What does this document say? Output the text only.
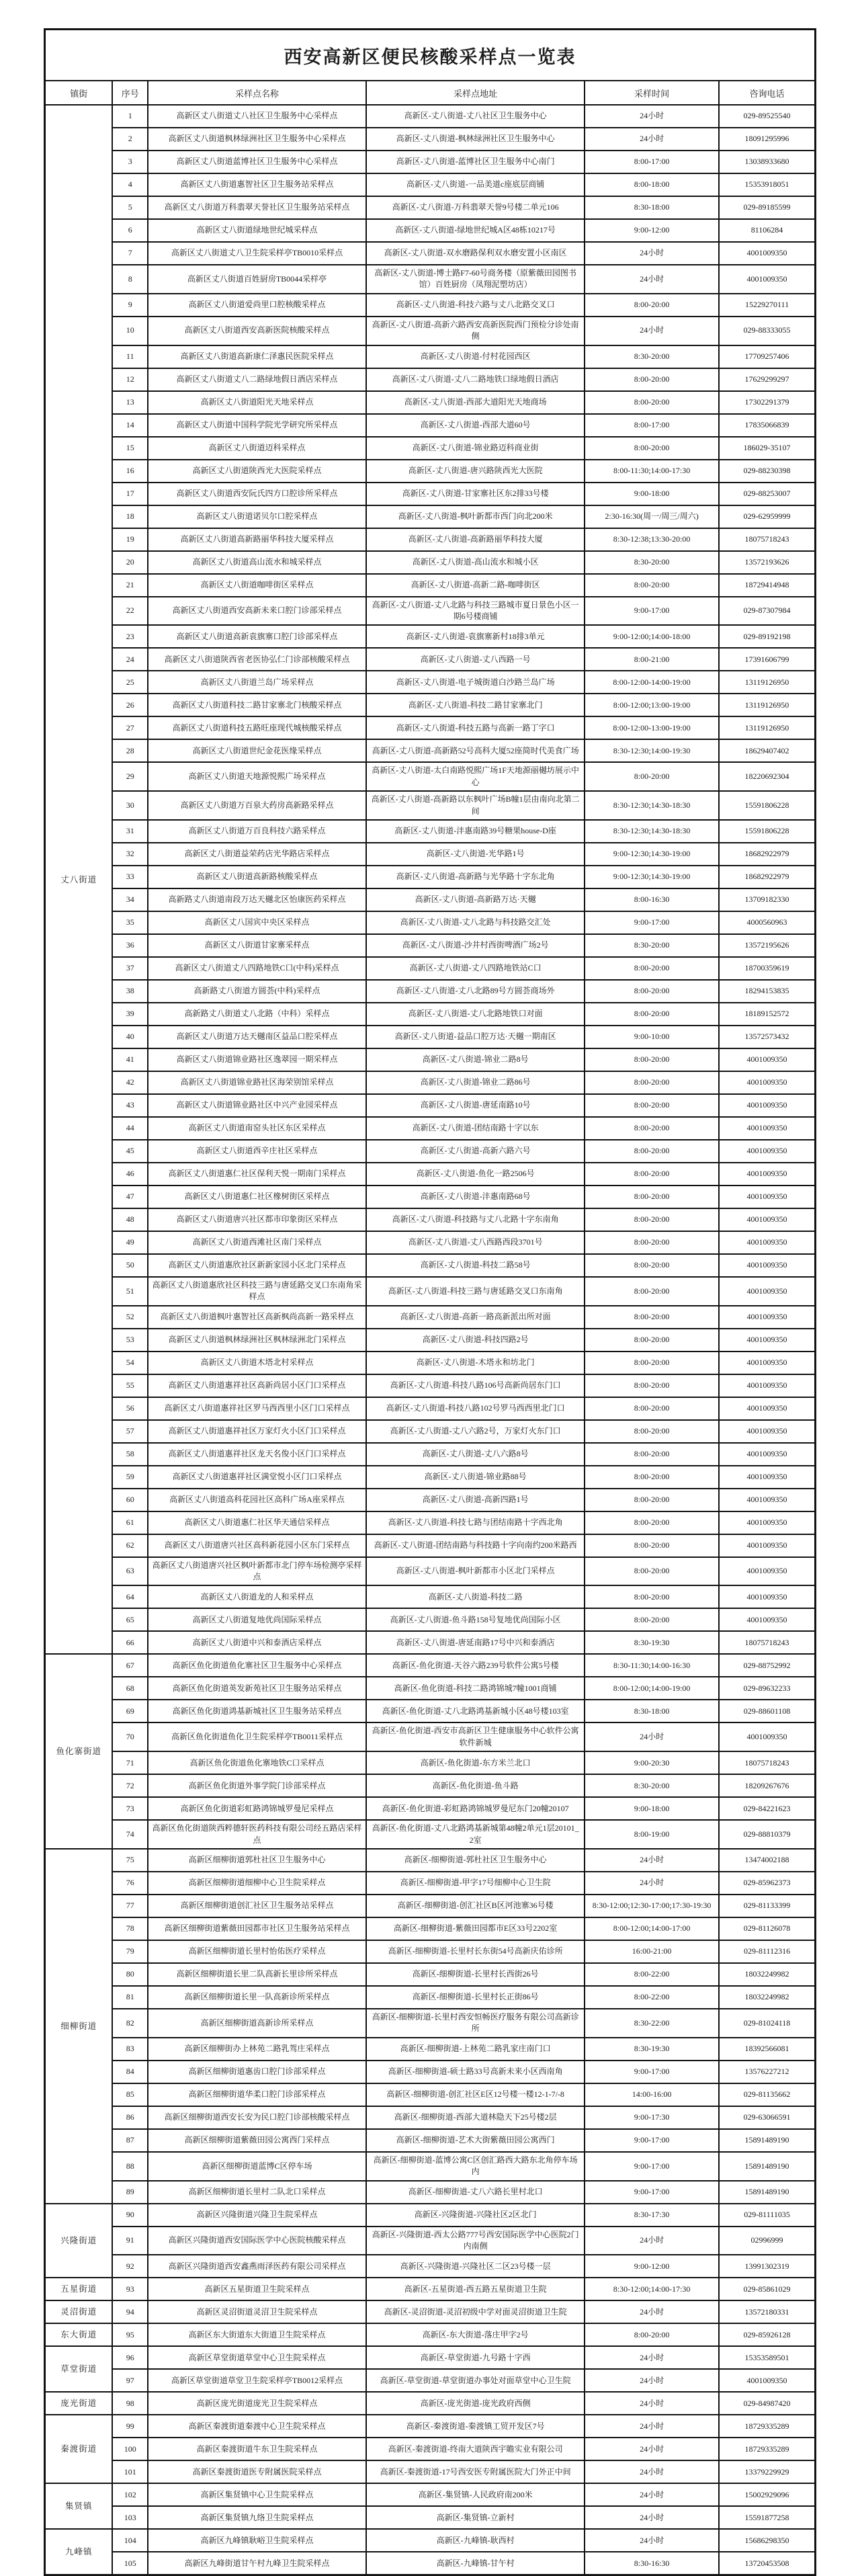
西安高新区便民核酸采样点一览表					
镇街	序号	采样点名称	采样点地址	采样时间	咨询电话
丈八街道	1	高新区丈八街道丈八社区卫生服务中心采样点	高新区-丈八街道-丈八社区卫生服务中心	24小时	029-89525540
	2	高新区丈八街道枫林绿洲社区卫生服务中心采样点	高新区-丈八街道-枫林绿洲社区卫生服务中心	24小时	18091295996
	3	高新区丈八街道蓝博社区卫生服务中心采样点	高新区-丈八街道-蓝博社区卫生服务中心南门	8:00-17:00	13038933680
	4	高新区丈八街道惠智社区卫生服务站采样点	高新区-丈八街道-一品美道c座底层商铺	8:00-18:00	15353918051
	5	高新区丈八街道万科翡翠天誉社区卫生服务站采样点	高新区-丈八街道-万科翡翠天誉9号楼二单元106	8:30-18:00	029-89185599
	6	高新区丈八街道绿地世纪城采样点	高新区-丈八街道-绿地世纪城A区48栋10217号	9:00-12:00	81106284
	7	高新区丈八街道丈八卫生院采样亭TB0010采样点	高新区-丈八街道-双水磨路保利双水磨安置小区南区	24小时	4001009350
	8	高新区丈八街道百姓厨房TB0044采样亭	高新区-丈八街道-博士路F7-60号商务楼（原紫薇田园图书馆）百姓厨房（凤翔泥塑坊店）	24小时	4001009350
	9	高新区丈八街道爱尚里口腔核酸采样点	高新区-丈八街道-科技六路与丈八北路交叉口	8:00-20:00	15229270111
	10	高新区丈八街道西安高新医院核酸采样点	高新区-丈八街道-高新六路西安高新医院西门预检分诊处南侧	24小时	029-88333055
	11	高新区丈八街道高新康仁泽惠民医院采样点	高新区-丈八街道-付村花园西区	8:30-20:00	17709257406
	12	高新区丈八街道丈八二路绿地假日酒店采样点	高新区-丈八街道-丈八二路地铁口绿地假日酒店	8:00-20:00	17629299297
	13	高新区丈八街道阳光天地采样点	高新区-丈八街道-西部大道阳光天地商场	8:00-20:00	17302291379
	14	高新区丈八街道中国科学院光学研究所采样点	高新区-丈八街道-西部大道60号	8:00-17:00	17835066839
	15	高新区丈八街道迈科采样点	高新区-丈八街道-锦业路迈科商业街	8:00-20:00	186029-35107
	16	高新区丈八街道陕西光大医院采样点	高新区-丈八街道-唐兴路陕西光大医院	8:00-11:30;14:00-17:30	029-88230398
	17	高新区丈八街道西安阮氏四方口腔诊所采样点	高新区-丈八街道-甘家寨社区东2排33号楼	9:00-18:00	029-88253007
	18	高新区丈八街道诺贝尔口腔采样点	高新区-丈八街道-枫叶新都市西门向北200米	2:30-16:30(周一/周三/周六)	029-62959999
	19	高新区丈八街道高新路丽华科技大厦采样点	高新区-丈八街道-高新路丽华科技大厦	8:30-12:38;13:30-20:00	18075718243
	20	高新区丈八街道高山流水和城采样点	高新区-丈八街道-高山流水和城小区	8:30-20:00	13572193626
	21	高新区丈八街道咖啡街区采样点	高新区-丈八街道-高新二路-咖啡街区	8:00-20:00	18729414948
	22	高新区丈八街道西安高新未来口腔门诊部采样点	高新区-丈八街道-丈八北路与科技三路城市夏日景色小区一期6号楼商铺	9:00-17:00	029-87307984
	23	高新区丈八街道高新袁旗寨口腔门诊部采样点	高新区-丈八街道-袁旗寨新村18排3单元	9:00-12:00;14:00-18:00	029-89192198
	24	高新区丈八街道陕西省老医协弘仁门诊部核酸采样点	高新区-丈八街道-丈八西路一号	8:00-21:00	17391606799
	25	高新区丈八街道兰岛广场采样点	高新区-丈八街道-电子城街道白沙路兰岛广场	8:00-12:00-14:00-19:00	13119126950
	26	高新区丈八街道科技二路甘家寨北门核酸采样点	高新区-丈八街道-科技二路甘家寨北门	8:00-12:00;13:00-19:00	13119126950
	27	高新区丈八街道科技五路旺座现代城核酸采样点	高新区-丈八街道-科技五路与高新一路丁字口	8:00-12:00-13:00-19:00	13119126950
	28	高新区丈八街道世纪金花医缘采样点	高新区-丈八街道-高新路52号高科大厦52座简时代美食广场	8:30-12:30;14:00-19:30	18629407402
	29	高新区丈八街道天地源悦熙广场采样点	高新区-丈八街道-太白南路悦熙广场1F天地源丽樾坊展示中心	8:00-20:00	18220692304
	30	高新区丈八街道万百泉大药房高新路采样点	高新区-丈八街道-高新路以东枫叶广场B幢1层由南向北第二间	8:30-12:30;14:30-18:30	15591806228
	31	高新区丈八街道万百良科技六路采样点	高新区-丈八街道-沣惠南路39号糖果house-D座	8:30-12:30;14:30-18:30	15591806228
	32	高新区丈八街道益荣药店光华路店采样点	高新区-丈八街道-光华路1号	9:00-12:30;14:30-19:00	18682922979
	33	高新区丈八街道高新路核酸采样点	高新区-丈八街道-高新路与光华路十字东北角	9:00-12:30;14:30-19:00	18682922979
	34	高新路丈八街道南段万达天樾北区怡康医药采样点	高新区-丈八街道-高新路万达·天樾	8:00-16:30	13709182330
	35	高新区丈八国宾中央区采样点	高新区-丈八街道-丈八北路与科技路交汇处	9:00-17:00	4000560963
	36	高新区丈八街道甘家寨采样点	高新区-丈八街道-沙井村西街啤酒广场2号	8:30-20:00	13572195626
	37	高新区丈八街道丈八四路地铁C口(中科)采样点	高新区-丈八街道-丈八四路地铁站C口	8:00-20:00	18700359619
	38	高新路丈八街道方圆荟(中科)采样点	高新区-丈八街道-丈八北路89号方圆荟商场外	8:00-20:00	18294153835
	39	高新路丈八街道丈八北路（中科）采样点	高新区-丈八街道-丈八北路地铁口对面	8:00-20:00	18189152572
	40	高新区丈八街道万达天樾南区益品口腔采样点	高新区-丈八街道-益品口腔万达·天樾一期南区	9:00-10:00	13572573432
	41	高新区丈八街道锦业路社区逸翠园一期采样点	高新区-丈八街道-锦业二路8号	8:00-20:00	4001009350
	42	高新区丈八街道锦业路社区海荣别馆采样点	高新区-丈八街道-锦业二路86号	8:00-20:00	4001009350
	43	高新区丈八街道锦业路社区中兴产业园采样点	高新区-丈八街道-唐延南路10号	8:00-20:00	4001009350
	44	高新区丈八街道南窑头社区东区采样点	高新区-丈八街道-团结南路十字以东	8:00-20:00	4001009350
	45	高新区丈八街道西辛庄社区采样点	高新区-丈八街道-高新六路六号	8:00-20:00	4001009350
	46	高新区丈八街道惠仁社区保利天悦一期南门采样点	高新区-丈八街道-鱼化一路2506号	8:00-20:00	4001009350
	47	高新区丈八街道惠仁社区橡树街区采样点	高新区-丈八街道-沣惠南路68号	8:00-20:00	4001009350
	48	高新区丈八街道唐兴社区都市印象街区采样点	高新区-丈八街道-科技路与丈八北路十字东南角	8:00-20:00	4001009350
	49	高新区丈八街道西滩社区南门采样点	高新区-丈八街道-丈八西路西段3701号	8:00-20:00	4001009350
	50	高新区丈八街道惠欣社区新新家园小区北门采样点	高新区-丈八街道-科技二路58号	8:00-20:00	4001009350
	51	高新区丈八街道惠欣社区科技三路与唐延路交叉口东南角采样点	高新区-丈八街道-科技三路与唐延路交叉口东南角	8:00-20:00	4001009350
	52	高新区丈八街道枫叶惠智社区高新枫尚高新一路采样点	高新区-丈八街道-高新一路高新派出所对面	8:00-20:00	4001009350
	53	高新区丈八街道枫林绿洲社区枫林绿洲北门采样点	高新区-丈八街道-科技四路2号	8:00-20:00	4001009350
	54	高新区丈八街道木塔北村采样点	高新区-丈八街道-木塔永和坊北门	8:00-20:00	4001009350
	55	高新区丈八街道惠祥社区高新尚居小区门口采样点	高新区-丈八街道-科技八路106号高新尚居东门口	8:00-20:00	4001009350
	56	高新区丈八街道惠祥社区罗马西西里小区门口采样点	高新区-丈八街道-科技八路102号罗马西西里北门口	8:00-20:00	4001009350
	57	高新区丈八街道惠祥社区万家灯火小区门口采样点	高新区-丈八街道-丈八六路2号，万家灯火东门口	8:00-20:00	4001009350
	58	高新区丈八街道惠祥社区龙天名俊小区门口采样点	高新区-丈八街道-丈八六路8号	8:00-20:00	4001009350
	59	高新区丈八街道惠祥社区满堂悦小区门口采样点	高新区-丈八街道-锦业路88号	8:00-20:00	4001009350
	60	高新区丈八街道高科花园社区高科广场A座采样点	高新区-丈八街道-高新四路1号	8:00-20:00	4001009350
	61	高新区丈八街道惠仁社区华天通信采样点	高新区-丈八街道-科技七路与团结南路十字西北角	8:00-20:00	4001009350
	62	高新区丈八街道唐兴社区高科新花园小区东门采样点	高新区-丈八街道-团结南路与科技路十字向南约200米路西	8:00-20:00	4001009350
	63	高新区丈八街道唐兴社区枫叶新都市北门停车场检测亭采样点	高新区-丈八街道-枫叶新都市小区北门采样点	8:00-20:00	4001009350
	64	高新区丈八街道龙的人和采样点	高新区-丈八街道-科技二路	8:00-20:00	4001009350
	65	高新区丈八街道复地优尚国际采样点	高新区-丈八街道-鱼斗路158号复地优尚国际小区	8:00-20:00	4001009350
	66	高新区丈八街道中兴和泰酒店采样点	高新区-丈八街道-唐延南路17号中兴和泰酒店	8:30-19:30	18075718243
鱼化寨街道	67	高新区鱼化街道鱼化寨社区卫生服务中心采样点	高新区-鱼化街道-天谷六路239号软件公寓5号楼	8:30-11:30;14:00-16:30	029-88752992
	68	高新区鱼化街道英发新苑社区卫生服务站采样点	高新区-鱼化街道-科技二路鸿锦城7幢1001商铺	8:00-12:00;14:00-19:00	029-89632233
	69	高新区鱼化街道鸿基新城社区卫生服务站采样点	高新区-鱼化街道-丈八北路鸿基新城小区48号楼103室	8:30-18:00	029-88601108
	70	高新区鱼化街道鱼化卫生院采样亭TB0011采样点	高新区-鱼化街道-西安市高新区卫生健康服务中心软件公寓软件新城	24小时	4001009350
	71	高新区鱼化街道鱼化寨地铁C口采样点	高新区-鱼化街道-东方米兰北口	9:00-20:30	18075718243
	72	高新区鱼化街道外事学院门诊部采样点	高新区-鱼化街道-鱼斗路	8:30-20:00	18209267676
	73	高新区鱼化街道彩虹路鸿锦城罗曼尼采样点	高新区-鱼化街道-彩虹路鸿锦城罗曼尼东门20幢20107	9:00-18:00	029-84221623
	74	高新区鱼化街道陕西粹德轩医药科技有限公司经五路店采样点	高新区-鱼化街道-丈八北路鸿基新城第48幢2单元1层20101_2室	8:00-19:00	029-88810379
细柳街道	75	高新区细柳街道郭杜社区卫生服务中心	高新区-细柳街道-郭杜社区卫生服务中心	24小时	13474002188
	76	高新区细柳街道细柳中心卫生院采样点	高新区-细柳街道-甲字17号细柳中心卫生院	24小时	029-85962373
	77	高新区细柳街道创汇社区卫生服务站采样点	高新区-细柳街道-创汇社区B区河池寨36号楼	8:30-12:00;12:30-17:00;17:30-19:30	029-81133399
	78	高新区细柳街道紫薇田园都市社区卫生服务站采样点	高新区-细柳街道-紫薇田园都市E区33号2202室	8:00-12:00;14:00-17:00	029-81126078
	79	高新区细柳街道长里村怡佑医疗采样点	高新区-细柳街道-长里村长东街54号高新庆佑诊所	16:00-21:00	029-81112316
	80	高新区细柳街道长里二队高新长里诊所采样点	高新区-细柳街道-长里村长西街26号	8:00-22:00	18032249982
	81	高新区细柳街道长里一队高新诊所采样点	高新区-细柳街道-长里村长正街86号	8:00-22:00	18032249982
	82	高新区细柳街道高新诊所采样点	高新区-细柳街道-长里村西安恒畅医疗服务有限公司高新诊所	8:30-22:00	029-81024118
	83	高新区细柳街办上林苑二路乳驾庄采样点	高新区-细柳街道-上林苑二路乳家庄南门口	8:30-19:30	18392566081
	84	高新区细柳街道惠齿口腔门诊部采样点	高新区-细柳街道-硕士路33号高新未来小区西南角	9:00-17:00	13576227212
	85	高新区细柳街道华柔口腔门诊部采样点	高新区-细柳街道-创汇社区E区12号楼一楼12-1-7/-8	14:00-16:00	029-81135662
	86	高新区细柳街道西安长安为民口腔门诊部核酸采样点	高新区-细柳街道-西部大道林隐天下25号楼2层	9:00-17:30	029-63066591
	87	高新区细柳街道紫薇田园公寓西门采样点	高新区-细柳街道-艺术大街紫薇田园公寓西门	9:00-17:00	15891489190
	88	高新区细柳街道蓝博C区停车场	高新区-细柳街道-蓝博公寓C区创汇路西大路东北角停车场内	9:00-17:00	15891489190
	89	高新区细柳街道长里村二队北口采样点	高新区-细柳街道-丈八六路长里村北口	9:00-17:00	15891489190
兴隆街道	90	高新区兴隆街道兴隆卫生院采样点	高新区-兴隆街道-兴隆社区2区北门	8:30-17:30	029-81111035
	91	高新区兴隆街道西安国际医学中心医院核酸采样点	高新区-兴隆街道-西太公路777号西安国际医学中心医院2门内南侧	24小时	02996999
	92	高新区兴隆街道西安鑫燕雨泽医药有限公司采样点	高新区-兴隆街道-兴隆社区二区23号楼一层	9:00-12:00	13991302319
五星街道	93	高新区五星街道卫生院采样点	高新区-五星街道-西五路五星街道卫生院	8:30-12:00;14:00-17:30	029-85861029
灵沼街道	94	高新区灵沼街道灵沼卫生院采样点	高新区-灵沼街道-灵沼初级中学对面灵沼街道卫生院	24小时	13572180331
东大街道	95	高新区东大街道东大街道卫生院采样点	高新区-东大街道-落庄甲字2号	8:00-20:00	029-85926128
草堂街道	96	高新区草堂街道草堂中心卫生院采样点	高新区-草堂街道-九号路十字西	24小时	15353589501
	97	高新区草堂街道草堂卫生院采样亭TB0012采样点	高新区-草堂街道-草堂街道办事处对面草堂中心卫生院	24小时	4001009350
庞光街道	98	高新区庞光街道庞光卫生院采样点	高新区-庞光街道-庞光政府西侧	24小时	029-84987420
秦渡街道	99	高新区秦渡街道秦渡中心卫生院采样点	高新区-秦渡街道-秦渡镇工贸开发区7号	24小时	18729335289
	100	高新区秦渡街道牛东卫生院采样点	高新区-秦渡街道-终南大道陕西宇瞻实业有限公司	24小时	18729335289
	101	高新区秦渡街道医专附属医院采样点	高新区-秦渡街道-17号西安医专附属医院大门外正中间	24小时	13379229929
集贤镇	102	高新区集贤镇中心卫生院采样点	高新区-集贤镇-人民政府南200米	24小时	15002929096
	103	高新区集贤镇九络卫生院采样点	高新区-集贤镇-立新村	24小时	15591877258
九峰镇	104	高新区九峰镇耿峪卫生院采样点	高新区-九峰镇-耿西村	24小时	15686298350
	105	高新区九峰街道甘午村九峰卫生院采样点	高新区-九峰镇-甘午村	8:30-16:30	13720453508
